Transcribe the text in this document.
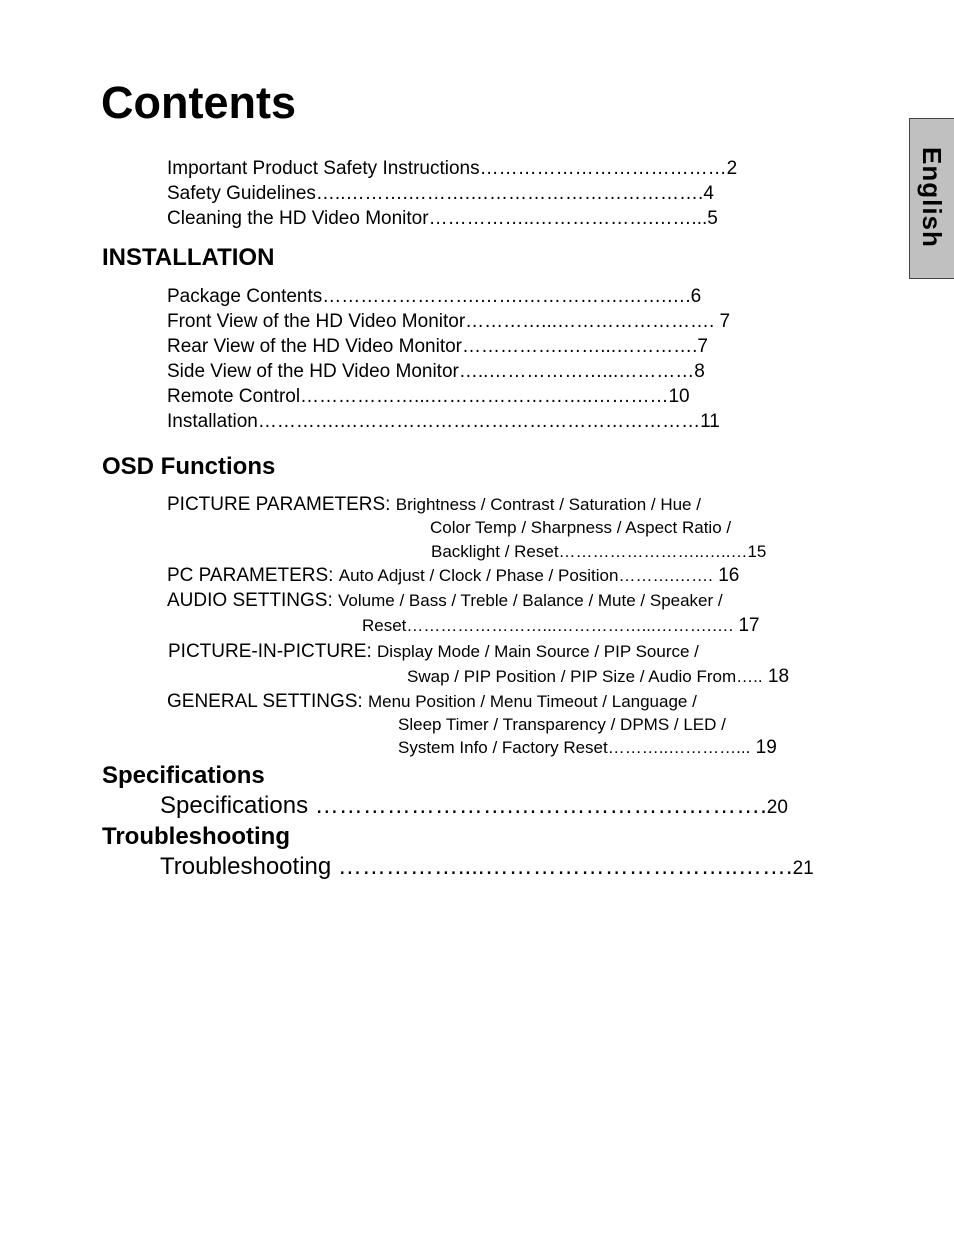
Contents
English
Important Product Safety Instructions…………………………………2
Safety Guidelines…..……….……….……………………………….4
Cleaning the HD Video Monitor……………..……………….……...5
INSTALLATION
Package Contents…………………….…….…………….…….….6
Front View of the HD Video Monitor…………...……………………. 7
Rear View of the HD Video Monitor…………….……...………….7
Side View of the HD Video Monitor…..………………...…………8
Remote Control………………...……………………..…………10
Installation………….…………………………………………………11
OSD Functions
PICTURE PARAMETERS: Brightness / Contrast / Saturation / Hue /
Color Temp / Sharpness / Aspect Ratio /
Backlight / Reset……………………..…..…15
PC PARAMETERS: Auto Adjust / Clock / Phase / Position……….……. 16
AUDIO SETTINGS: Volume / Bass / Treble / Balance / Mute / Speaker /
Reset……………………...……………...……….…. 17
PICTURE-IN-PICTURE: Display Mode / Main Source / PIP Source /
Swap / PIP Position / PIP Size / Audio From….. 18
GENERAL SETTINGS: Menu Position / Menu Timeout / Language /
Sleep Timer / Transparency / DPMS / LED /
System Info / Factory Reset………..…………... 19
Specifications
Specifications …………………….………………….……….20
Troubleshooting
Troubleshooting ……………....…………………………..…….21
